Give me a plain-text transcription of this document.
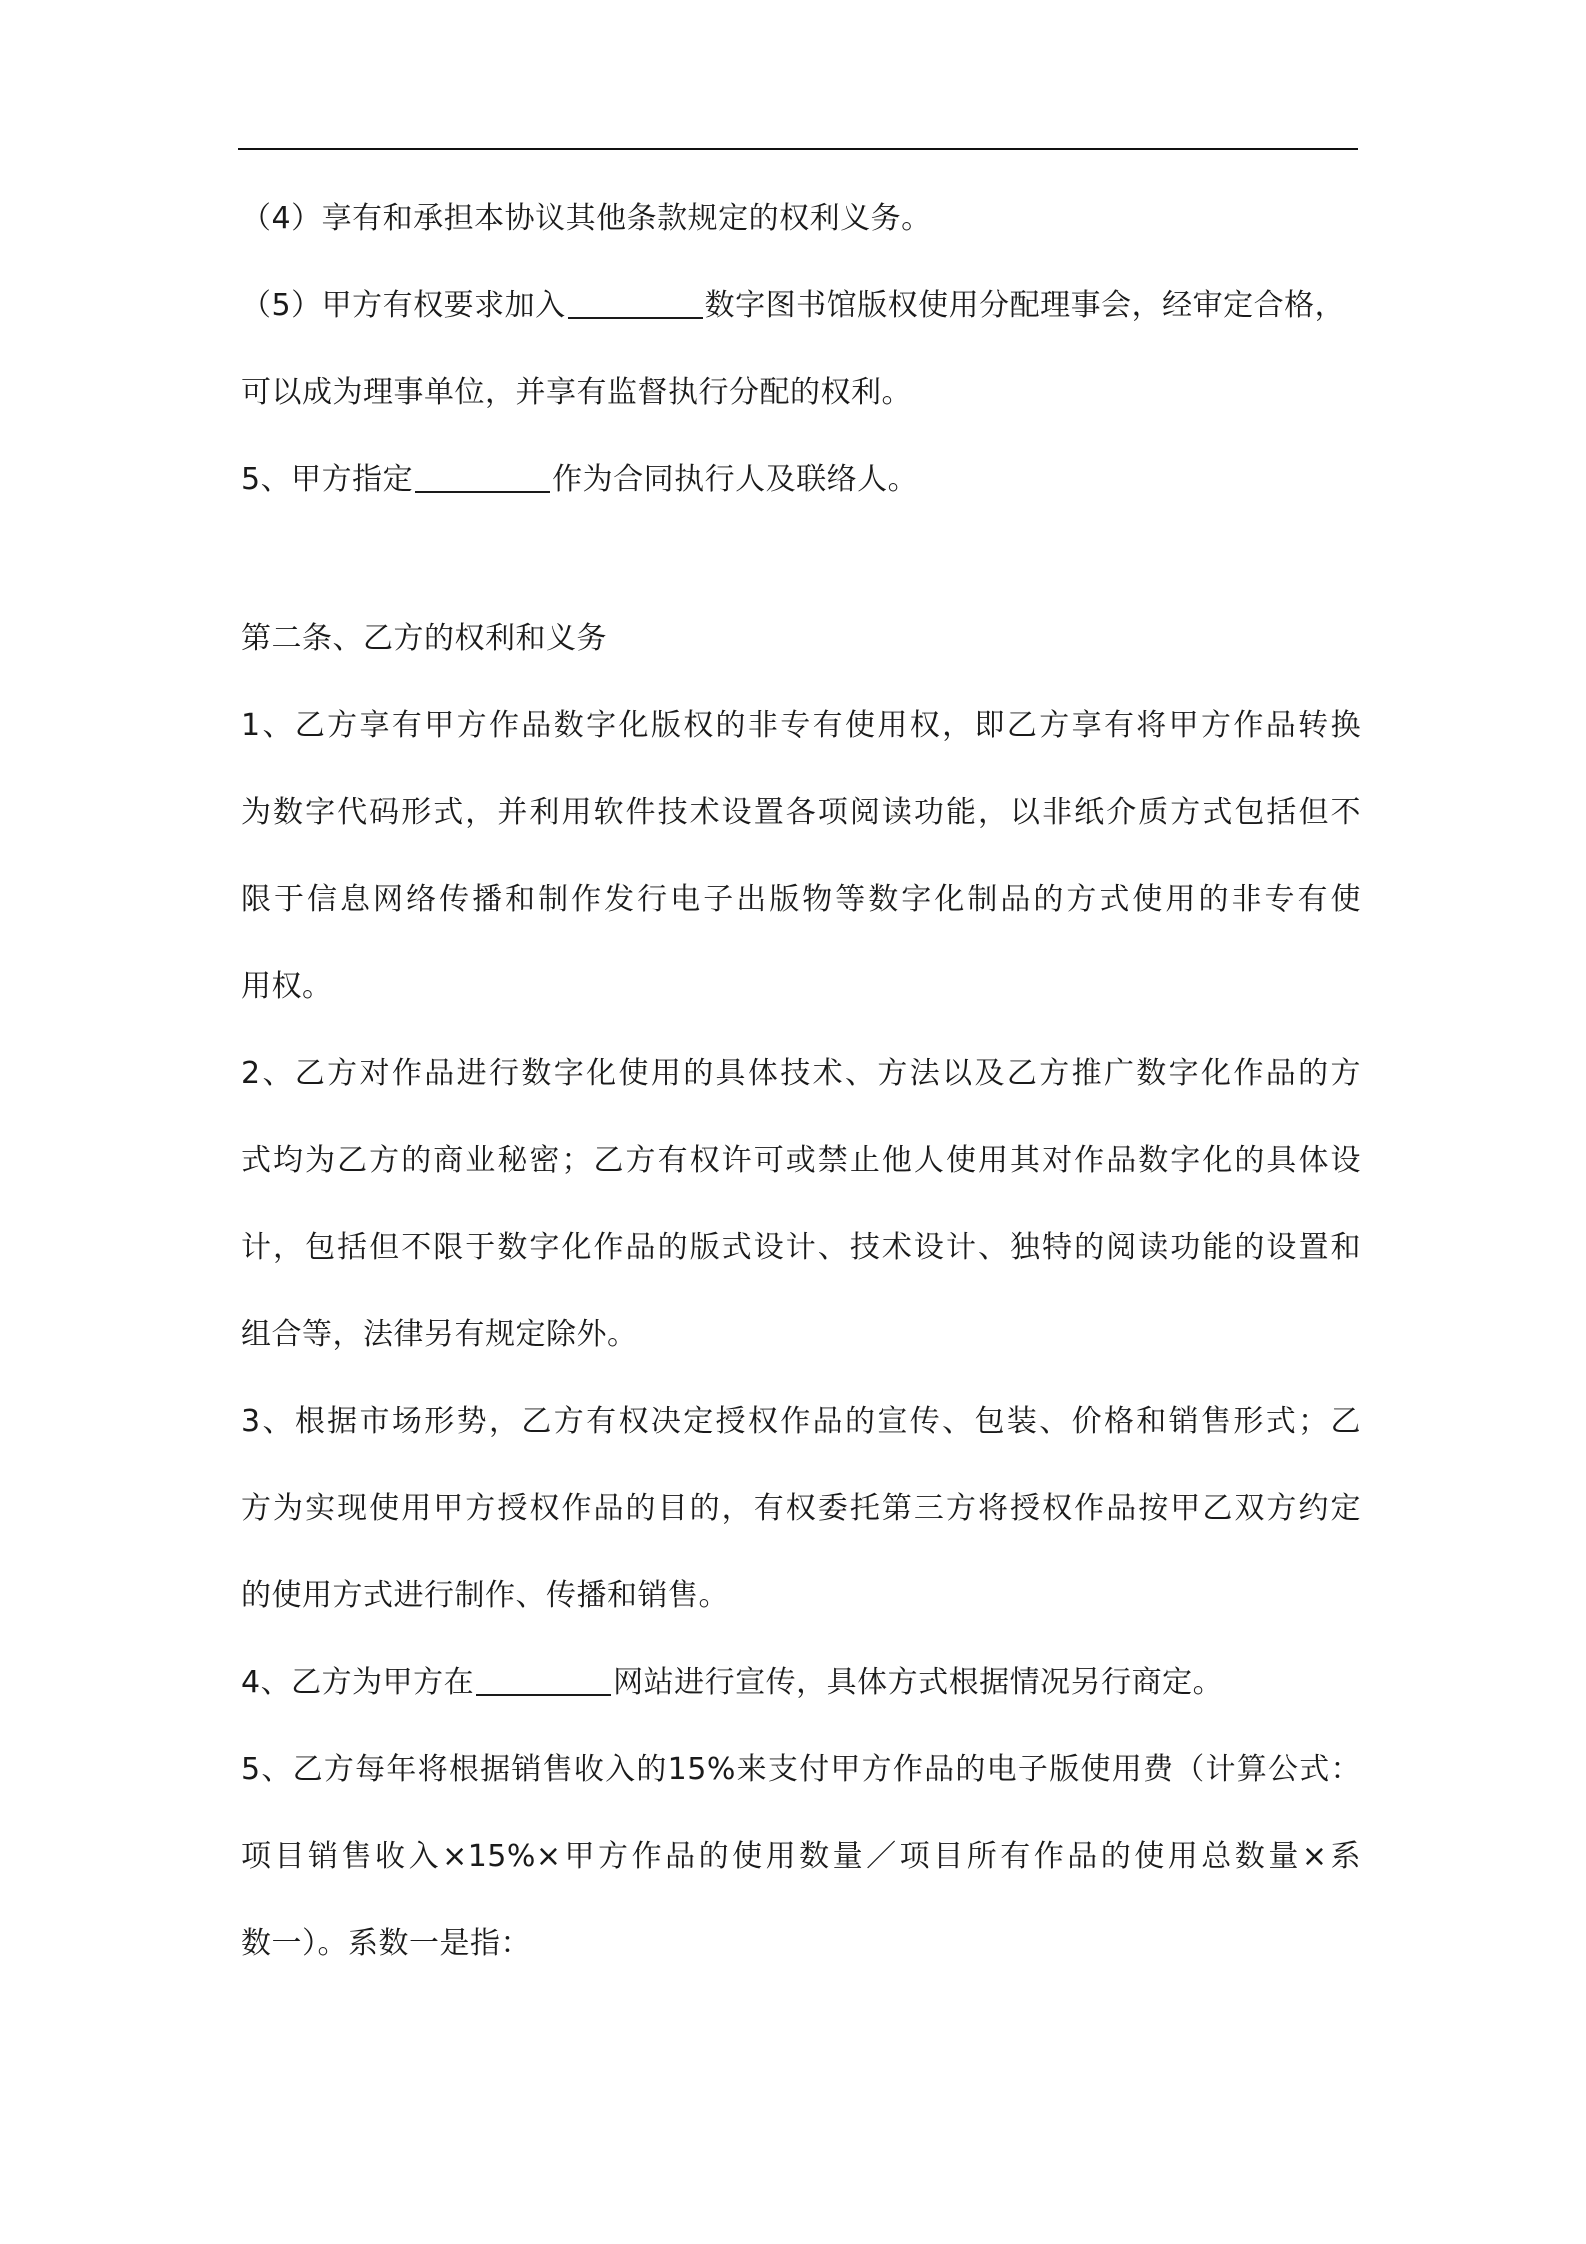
（4）享有和承担本协议其他条款规定的权利义务。
（5）甲方有权要求加入	数字图书馆版权使用分配理事会，经审定合格，
可以成为理事单位，并享有监督执行分配的权利。
5、甲方指定	作为合同执行人及联络人。
第二条、乙方的权利和义务
1、乙方享有甲方作品数字化版权的非专有使用权，即乙方享有将甲方作品转换
为数字代码形式，并利用软件技术设置各项阅读功能，以非纸介质方式包括但不
限于信息网络传播和制作发行电子出版物等数字化制品的方式使用的非专有使
用权。
2、乙方对作品进行数字化使用的具体技术、方法以及乙方推广数字化作品的方
式均为乙方的商业秘密；乙方有权许可或禁止他人使用其对作品数字化的具体设
计，包括但不限于数字化作品的版式设计、技术设计、独特的阅读功能的设置和
组合等，法律另有规定除外。
3、根据市场形势，乙方有权决定授权作品的宣传、包装、价格和销售形式；乙
方为实现使用甲方授权作品的目的，有权委托第三方将授权作品按甲乙双方约定
的使用方式进行制作、传播和销售。
4、乙方为甲方在	网站进行宣传，具体方式根据情况另行商定。
5、乙方每年将根据销售收入的15%来支付甲方作品的电子版使用费（计算公式：
项目销售收入×15%×甲方作品的使用数量／项目所有作品的使用总数量×系
数一）。系数一是指：
